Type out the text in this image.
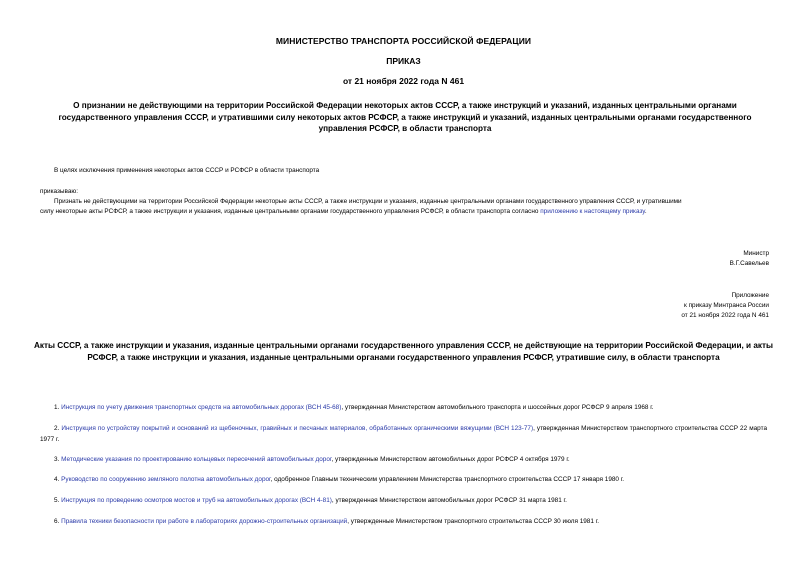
МИНИСТЕРСТВО ТРАНСПОРТА РОССИЙСКОЙ ФЕДЕРАЦИИ
ПРИКАЗ
от 21 ноября 2022 года N 461
О признании не действующими на территории Российской Федерации некоторых актов СССР, а также инструкций и указаний, изданных центральными органами государственного управления СССР, и утратившими силу некоторых актов РСФСР, а также инструкций и указаний, изданных центральными органами государственного управления РСФСР, в области транспорта
В целях исключения применения некоторых актов СССР и РСФСР в области транспорта
приказываю:
Признать не действующими на территории Российской Федерации некоторые акты СССР, а также инструкции и указания, изданные центральными органами государственного управления СССР, и утратившими
силу некоторые акты РСФСР, а также инструкции и указания, изданные центральными органами государственного управления РСФСР, в области транспорта согласно приложению к настоящему приказу.
Министр
В.Г.Савельев
Приложение
к приказу Минтранса России
от 21 ноября 2022 года N 461
Акты СССР, а также инструкции и указания, изданные центральными органами государственного управления СССР, не действующие на территории Российской Федерации, и акты РСФСР, а также инструкции и указания, изданные центральными органами государственного управления РСФСР, утратившие силу, в области транспорта
1. Инструкция по учету движения транспортных средств на автомобильных дорогах (ВСН 45-68), утвержденная Министерством автомобильного транспорта и шоссейных дорог РСФСР 9 апреля 1968 г.
2. Инструкция по устройству покрытий и оснований из щебеночных, гравийных и песчаных материалов, обработанных органическими вяжущими (ВСН 123-77), утвержденная Министерством транспортного строительства СССР 22 марта 1977 г.
3. Методические указания по проектированию кольцевых пересечений автомобильных дорог, утвержденные Министерством автомобильных дорог РСФСР 4 октября 1979 г.
4. Руководство по сооружению земляного полотна автомобильных дорог, одобренное Главным техническим управлением Министерства транспортного строительства СССР 17 января 1980 г.
5. Инструкция по проведению осмотров мостов и труб на автомобильных дорогах (ВСН 4-81), утвержденная Министерством автомобильных дорог РСФСР 31 марта 1981 г.
6. Правила техники безопасности при работе в лабораториях дорожно-строительных организаций, утвержденные Министерством транспортного строительства СССР 30 июля 1981 г.
